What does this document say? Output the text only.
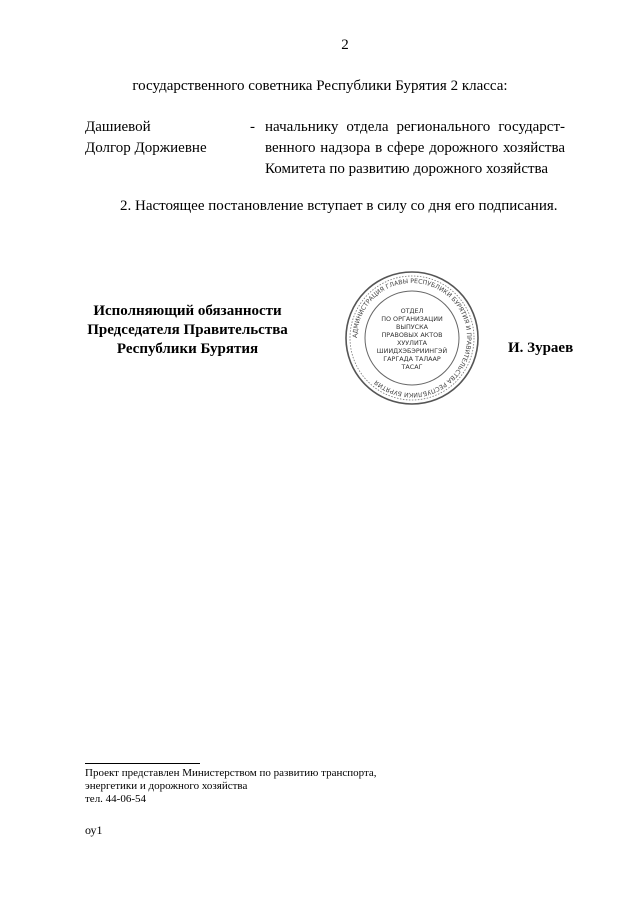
2
государственного советника Республики Бурятия 2 класса:
Дашиевой
Долгор Доржиевне
- начальнику отдела регионального государст-
венного надзора в сфере дорожного хозяйства
Комитета по развитию дорожного хозяйства
2. Настоящее постановление вступает в силу со дня его подписания.
Исполняющий обязанности
Председателя Правительства
Республики Бурятия
АДМИНИСТРАЦИЯ ГЛАВЫ РЕСПУБЛИКИ БУРЯТИЯ И ПРАВИТЕЛЬСТВА РЕСПУБЛИКИ БУРЯТИЯ
ОТДЕЛ
ПО ОРГАНИЗАЦИИ
ВЫПУСКА
ПРАВОВЫХ АКТОВ
ХУУЛИТА
ШИИДХЭБЭРИИНГЭЙ
ГАРГАДА ТАЛААР
ТАСАГ
И. Зураев
Проект представлен Министерством по развитию транспорта,
энергетики и дорожного хозяйства
тел. 44-06-54
оу1
